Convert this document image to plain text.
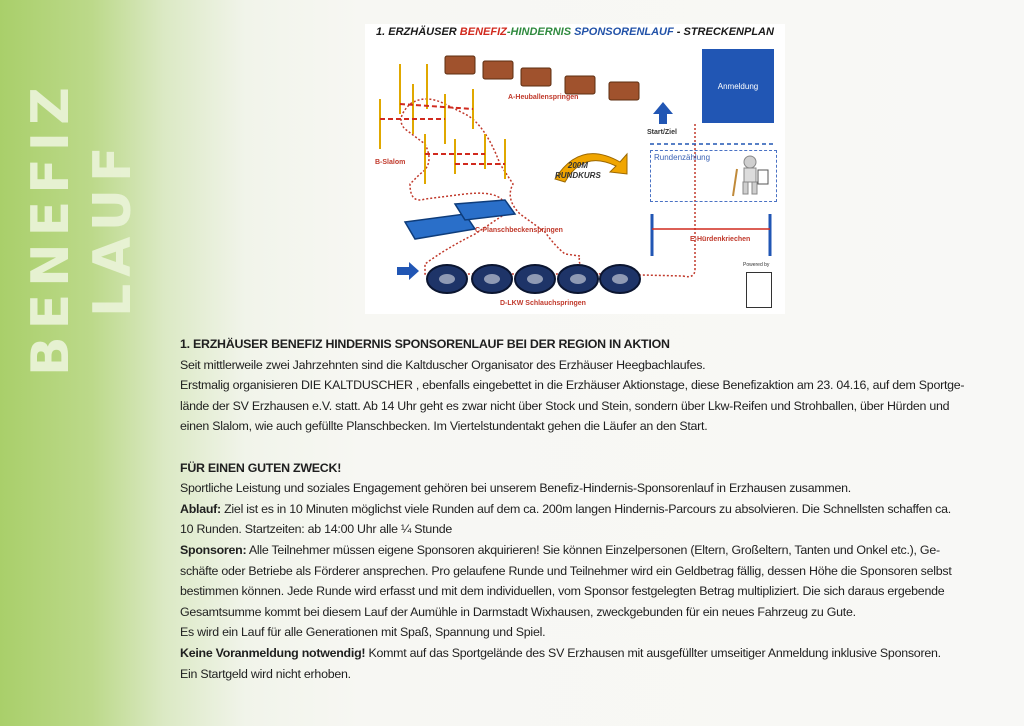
BENEFIZ LAUF
1. ERZHÄUSER BENEFIZ-HINDERNIS SPONSORENLAUF - STRECKENPLAN
Anmeldung
A-Heuballenspringen
B-Slalom
C-Planschbeckenspringen
D-LKW Schlauchspringen
E-Hürdenkriechen
Start/Ziel
Rundenzählung
200M
RUNDKURS
Powered by

1. ERZHÄUSER BENEFIZ HINDERNIS SPONSORENLAUF BEI DER REGION IN AKTION

Seit mittlerweile zwei Jahrzehnten sind die Kaltduscher Organisator des Erzhäuser Heegbachlaufes.

Erstmalig organisieren DIE KALTDUSCHER , ebenfalls eingebettet in die Erzhäuser Aktionstage, diese Benefizaktion am 23. 04.16, auf dem Sportge-

lände der SV Erzhausen e.V. statt. Ab 14 Uhr geht es zwar nicht über Stock und Stein, sondern über Lkw-Reifen und Strohballen, über Hürden und

einen Slalom, wie auch gefüllte Planschbecken. Im Viertelstundentakt gehen die Läufer an den Start.

FÜR EINEN GUTEN ZWECK!

Sportliche Leistung und soziales Engagement gehören bei unserem Benefiz-Hindernis-Sponsorenlauf in Erzhausen zusammen.

Ablauf: Ziel ist es in 10 Minuten möglichst viele Runden auf dem ca. 200m langen Hindernis-Parcours zu absolvieren. Die Schnellsten schaffen ca.

10 Runden. Startzeiten: ab 14:00 Uhr alle ¼ Stunde

Sponsoren: Alle Teilnehmer müssen eigene Sponsoren akquirieren! Sie können Einzelpersonen (Eltern, Großeltern, Tanten und Onkel etc.), Ge-

schäfte oder Betriebe als Förderer ansprechen. Pro gelaufene Runde und Teilnehmer wird ein Geldbetrag fällig, dessen Höhe die Sponsoren selbst

bestimmen können. Jede Runde wird erfasst und mit dem individuellen, vom Sponsor festgelegten Betrag multipliziert. Die sich daraus ergebende

Gesamtsumme kommt bei diesem Lauf der Aumühle in Darmstadt Wixhausen, zweckgebunden für ein neues Fahrzeug zu Gute.

Es wird ein Lauf für alle Generationen mit Spaß, Spannung und Spiel.

Keine Voranmeldung notwendig! Kommt auf das Sportgelände des SV Erzhausen mit ausgefüllter umseitiger Anmeldung inklusive Sponsoren.

Ein Startgeld wird nicht erhoben.
